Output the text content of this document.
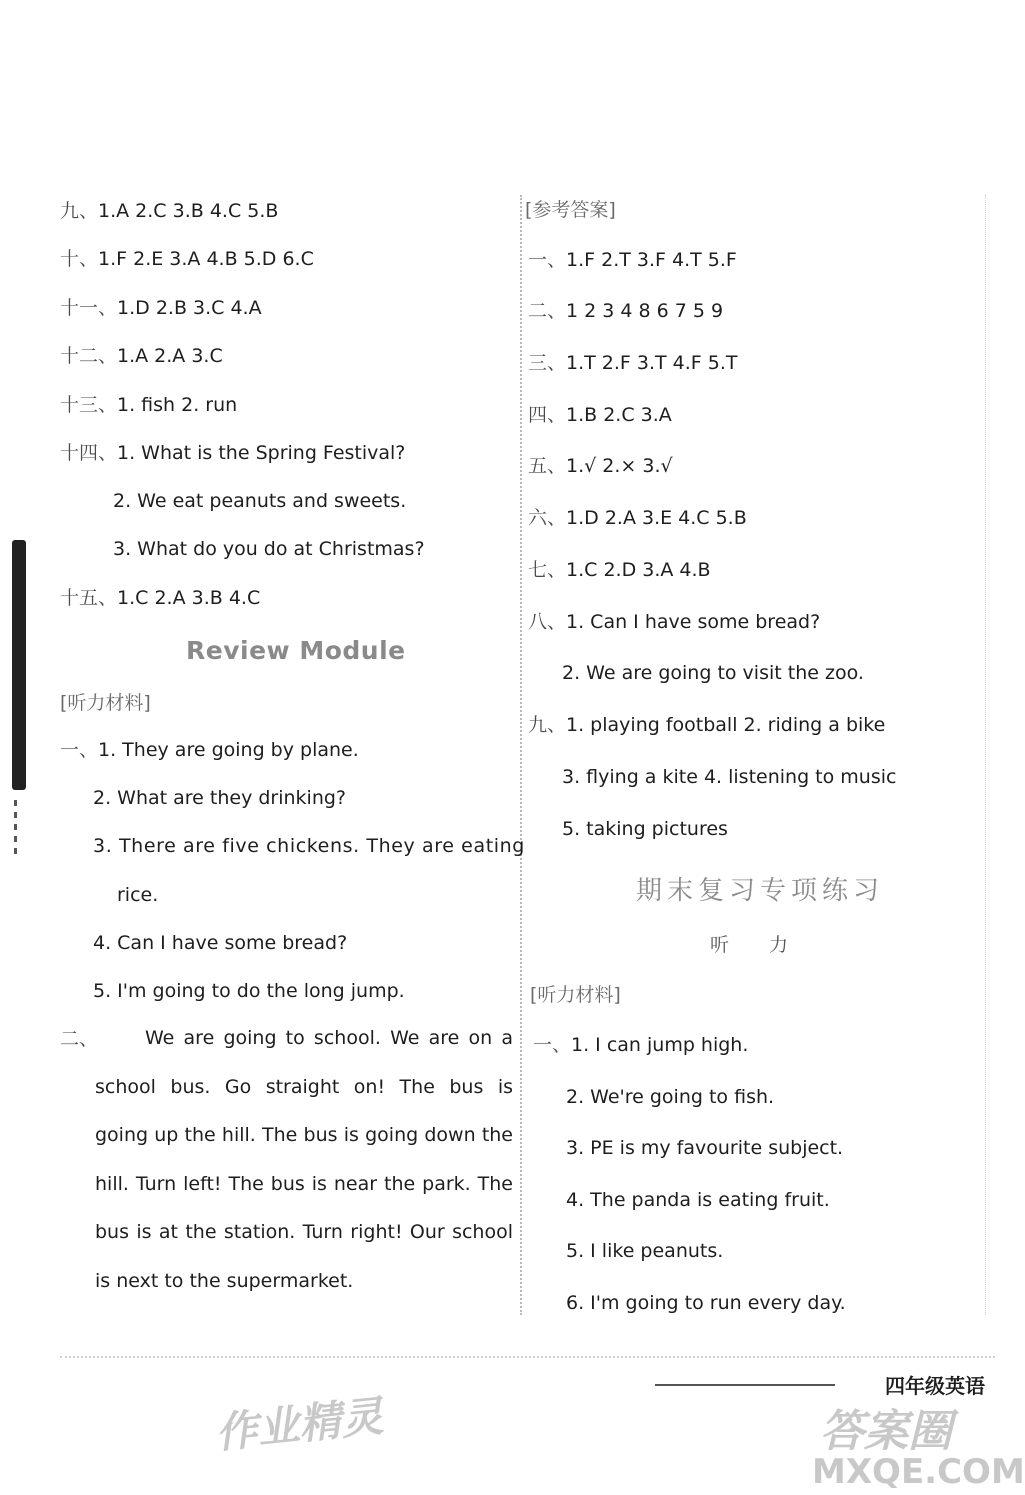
九、1.A 2.C 3.B 4.C 5.B
十、1.F 2.E 3.A 4.B 5.D 6.C
十一、1.D 2.B 3.C 4.A
十二、1.A 2.A 3.C
十三、1. fish 2. run
十四、1. What is the Spring Festival?
2. We eat peanuts and sweets.
3. What do you do at Christmas?
十五、1.C 2.A 3.B 4.C
Review Module
[听力材料]
一、1. They are going by plane.
2. What are they drinking?
3. There are five chickens. They are eating
rice.
4. Can I have some bread?
5. I'm going to do the long jump.
二、	We are going to school. We are on a school bus. Go straight on! The bus is going up the hill. The bus is going down the hill. Turn left! The bus is near the park. The bus is at the station. Turn right! Our school is next to the supermarket.
[参考答案]
一、1.F 2.T 3.F 4.T 5.F
二、1 2 3 4 8 6 7 5 9
三、1.T 2.F 3.T 4.F 5.T
四、1.B 2.C 3.A
五、1.√ 2.× 3.√
六、1.D 2.A 3.E 4.C 5.B
七、1.C 2.D 3.A 4.B
八、1. Can I have some bread?
2. We are going to visit the zoo.
九、1. playing football 2. riding a bike
3. flying a kite 4. listening to music
5. taking pictures
期末复习专项练习
听力
[听力材料]
一、1. I can jump high.
2. We're going to fish.
3. PE is my favourite subject.
4. The panda is eating fruit.
5. I like peanuts.
6. I'm going to run every day.
四年级英语
作业精灵	答案圈
MXQE.COM
